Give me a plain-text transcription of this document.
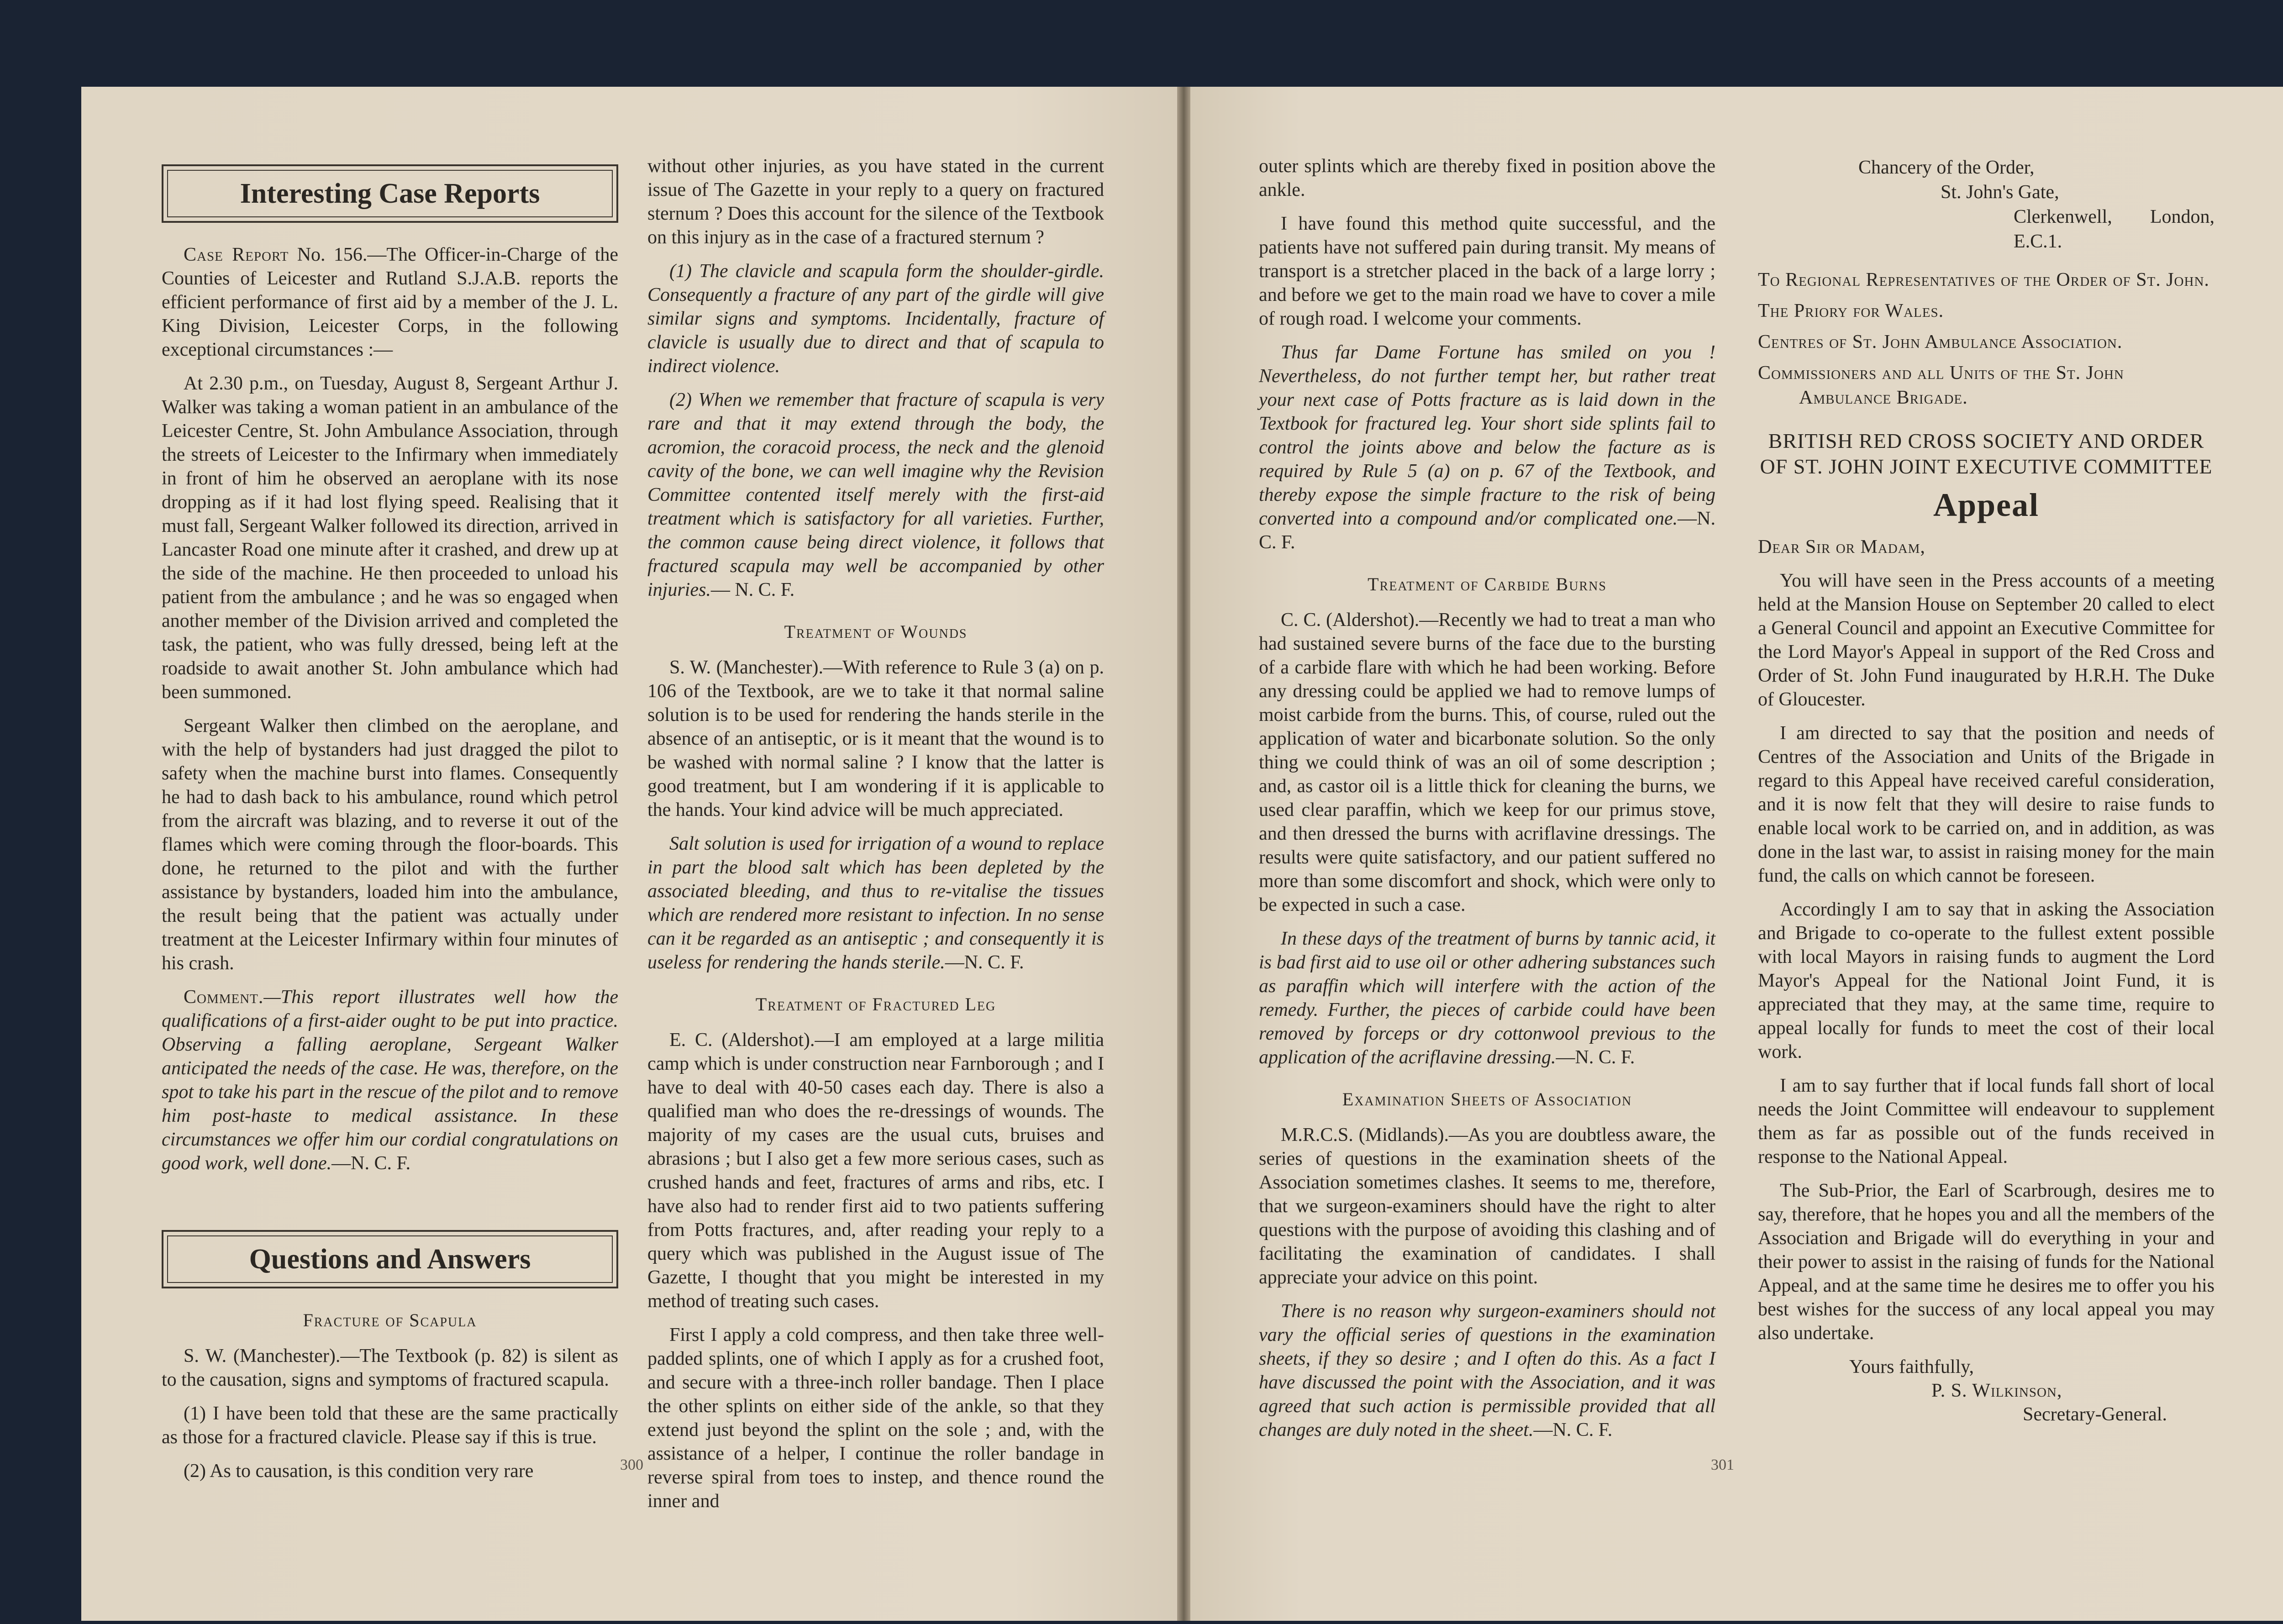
Interesting Case Reports

Case Report No. 156.—The Officer-in-Charge of the Counties of Leicester and Rutland S.J.A.B. reports the efficient performance of first aid by a member of the J. L. King Division, Leicester Corps, in the following exceptional circumstances :—

At 2.30 p.m., on Tuesday, August 8, Sergeant Arthur J. Walker was taking a woman patient in an ambulance of the Leicester Centre, St. John Ambulance Association, through the streets of Leicester to the Infirmary when immediately in front of him he observed an aeroplane with its nose dropping as if it had lost flying speed. Realising that it must fall, Sergeant Walker followed its direction, arrived in Lancaster Road one minute after it crashed, and drew up at the side of the machine. He then proceeded to unload his patient from the ambulance ; and he was so engaged when another member of the Division arrived and completed the task, the patient, who was fully dressed, being left at the roadside to await another St. John ambulance which had been summoned.

Sergeant Walker then climbed on the aeroplane, and with the help of bystanders had just dragged the pilot to safety when the machine burst into flames. Consequently he had to dash back to his ambulance, round which petrol from the aircraft was blazing, and to reverse it out of the flames which were coming through the floor-boards. This done, he returned to the pilot and with the further assistance by bystanders, loaded him into the ambulance, the result being that the patient was actually under treatment at the Leicester Infirmary within four minutes of his crash.

Comment.—This report illustrates well how the qualifications of a first-aider ought to be put into practice. Observing a falling aeroplane, Sergeant Walker anticipated the needs of the case. He was, therefore, on the spot to take his part in the rescue of the pilot and to remove him post-haste to medical assistance. In these circumstances we offer him our cordial congratulations on good work, well done.—N. C. F.

Questions and Answers
Fracture of Scapula

S. W. (Manchester).—The Textbook (p. 82) is silent as to the causation, signs and symptoms of fractured scapula.

(1) I have been told that these are the same practically as those for a fractured clavicle. Please say if this is true.

(2) As to causation, is this condition very rare

without other injuries, as you have stated in the current issue of The Gazette in your reply to a query on fractured sternum ? Does this account for the silence of the Textbook on this injury as in the case of a fractured sternum ?

(1) The clavicle and scapula form the shoulder-girdle. Consequently a fracture of any part of the girdle will give similar signs and symptoms. Incidentally, fracture of clavicle is usually due to direct and that of scapula to indirect violence.

(2) When we remember that fracture of scapula is very rare and that it may extend through the body, the acromion, the coracoid process, the neck and the glenoid cavity of the bone, we can well imagine why the Revision Committee contented itself merely with the first-aid treatment which is satisfactory for all varieties. Further, the common cause being direct violence, it follows that fractured scapula may well be accompanied by other injuries.— N. C. F.

Treatment of Wounds

S. W. (Manchester).—With reference to Rule 3 (a) on p. 106 of the Textbook, are we to take it that normal saline solution is to be used for rendering the hands sterile in the absence of an antiseptic, or is it meant that the wound is to be washed with normal saline ? I know that the latter is good treatment, but I am wondering if it is applicable to the hands. Your kind advice will be much appreciated.

Salt solution is used for irrigation of a wound to replace in part the blood salt which has been depleted by the associated bleeding, and thus to re-vitalise the tissues which are rendered more resistant to infection. In no sense can it be regarded as an antiseptic ; and consequently it is useless for rendering the hands sterile.—N. C. F.

Treatment of Fractured Leg

E. C. (Aldershot).—I am employed at a large militia camp which is under construction near Farnborough ; and I have to deal with 40-50 cases each day. There is also a qualified man who does the re-dressings of wounds. The majority of my cases are the usual cuts, bruises and abrasions ; but I also get a few more serious cases, such as crushed hands and feet, fractures of arms and ribs, etc. I have also had to render first aid to two patients suffering from Potts fractures, and, after reading your reply to a query which was published in the August issue of The Gazette, I thought that you might be interested in my method of treating such cases.

First I apply a cold compress, and then take three well-padded splints, one of which I apply as for a crushed foot, and secure with a three-inch roller bandage. Then I place the other splints on either side of the ankle, so that they extend just beyond the splint on the sole ; and, with the assistance of a helper, I continue the roller bandage in reverse spiral from toes to instep, and thence round the inner and

300

outer splints which are thereby fixed in position above the ankle.

I have found this method quite successful, and the patients have not suffered pain during transit. My means of transport is a stretcher placed in the back of a large lorry ; and before we get to the main road we have to cover a mile of rough road. I welcome your comments.

Thus far Dame Fortune has smiled on you ! Nevertheless, do not further tempt her, but rather treat your next case of Potts fracture as is laid down in the Textbook for fractured leg. Your short side splints fail to control the joints above and below the facture as is required by Rule 5 (a) on p. 67 of the Textbook, and thereby expose the simple fracture to the risk of being converted into a compound and/or complicated one.—N. C. F.

Treatment of Carbide Burns

C. C. (Aldershot).—Recently we had to treat a man who had sustained severe burns of the face due to the bursting of a carbide flare with which he had been working. Before any dressing could be applied we had to remove lumps of moist carbide from the burns. This, of course, ruled out the application of water and bicarbonate solution. So the only thing we could think of was an oil of some description ; and, as castor oil is a little thick for cleaning the burns, we used clear paraffin, which we keep for our primus stove, and then dressed the burns with acriflavine dressings. The results were quite satisfactory, and our patient suffered no more than some discomfort and shock, which were only to be expected in such a case.

In these days of the treatment of burns by tannic acid, it is bad first aid to use oil or other adhering substances such as paraffin which will interfere with the action of the remedy. Further, the pieces of carbide could have been removed by forceps or dry cottonwool previous to the application of the acriflavine dressing.—N. C. F.

Examination Sheets of Association

M.R.C.S. (Midlands).—As you are doubtless aware, the series of questions in the examination sheets of the Association sometimes clashes. It seems to me, therefore, that we surgeon-examiners should have the right to alter questions with the purpose of avoiding this clashing and of facilitating the examination of candidates. I shall appreciate your advice on this point.

There is no reason why surgeon-examiners should not vary the official series of questions in the examination sheets, if they so desire ; and I often do this. As a fact I have discussed the point with the Association, and it was agreed that such action is permissible provided that all changes are duly noted in the sheet.—N. C. F.

Chancery of the Order,
St. John's Gate,
Clerkenwell, London, E.C.1.
To Regional Representatives of the Order of St. John.
The Priory for Wales.
Centres of St. John Ambulance Association.
Commissioners and all Units of the St. John Ambulance Brigade.
BRITISH RED CROSS SOCIETY AND ORDER OF ST. JOHN JOINT EXECUTIVE COMMITTEE
Appeal

Dear Sir or Madam,

You will have seen in the Press accounts of a meeting held at the Mansion House on September 20 called to elect a General Council and appoint an Executive Committee for the Lord Mayor's Appeal in support of the Red Cross and Order of St. John Fund inaugurated by H.R.H. The Duke of Gloucester.

I am directed to say that the position and needs of Centres of the Association and Units of the Brigade in regard to this Appeal have received careful consideration, and it is now felt that they will desire to raise funds to enable local work to be carried on, and in addition, as was done in the last war, to assist in raising money for the main fund, the calls on which cannot be foreseen.

Accordingly I am to say that in asking the Association and Brigade to co-operate to the fullest extent possible with local Mayors in raising funds to augment the Lord Mayor's Appeal for the National Joint Fund, it is appreciated that they may, at the same time, require to appeal locally for funds to meet the cost of their local work.

I am to say further that if local funds fall short of local needs the Joint Committee will endeavour to supplement them as far as possible out of the funds received in response to the National Appeal.

The Sub-Prior, the Earl of Scarbrough, desires me to say, therefore, that he hopes you and all the members of the Association and Brigade will do everything in your and their power to assist in the raising of funds for the National Appeal, and at the same time he desires me to offer you his best wishes for the success of any local appeal you may also undertake.

Yours faithfully,
P. S. Wilkinson,
Secretary-General.
301
